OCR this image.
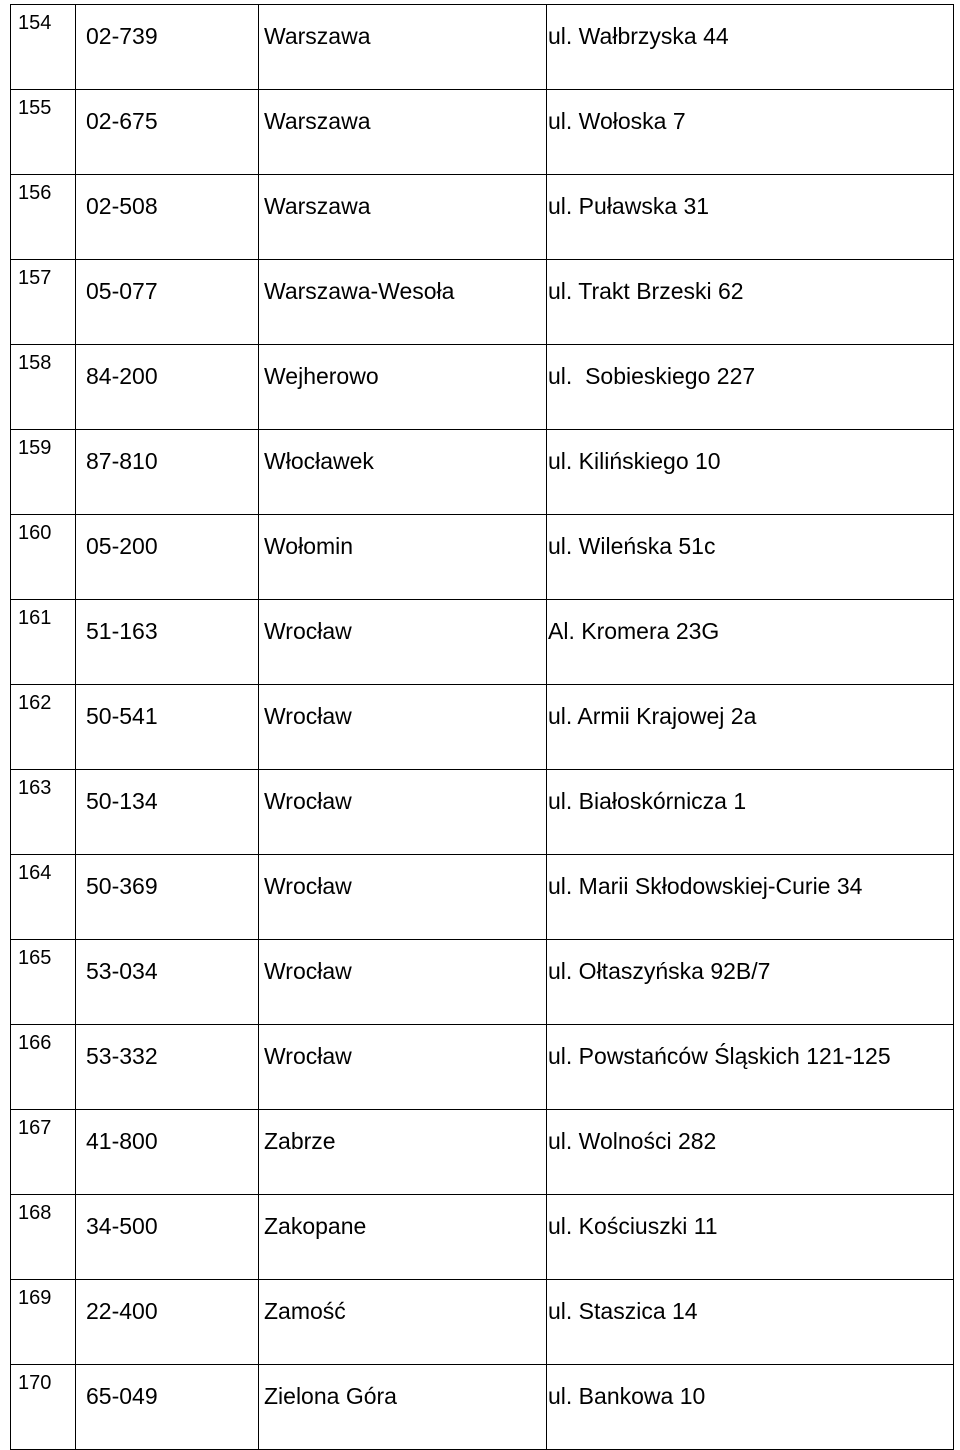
154	02-739	Warszawa	ul. Wałbrzyska 44
155	02-675	Warszawa	ul. Wołoska 7
156	02-508	Warszawa	ul. Puławska 31
157	05-077	Warszawa-Wesoła	ul. Trakt Brzeski 62
158	84-200	Wejherowo	ul.  Sobieskiego 227
159	87-810	Włocławek	ul. Kilińskiego 10
160	05-200	Wołomin	ul. Wileńska 51c
161	51-163	Wrocław	Al. Kromera 23G
162	50-541	Wrocław	ul. Armii Krajowej 2a
163	50-134	Wrocław	ul. Białoskórnicza 1
164	50-369	Wrocław	ul. Marii Skłodowskiej-Curie 34
165	53-034	Wrocław	ul. Ołtaszyńska 92B/7
166	53-332	Wrocław	ul. Powstańców Śląskich 121-125
167	41-800	Zabrze	ul. Wolności 282
168	34-500	Zakopane	ul. Kościuszki 11
169	22-400	Zamość	ul. Staszica 14
170	65-049	Zielona Góra	ul. Bankowa 10
